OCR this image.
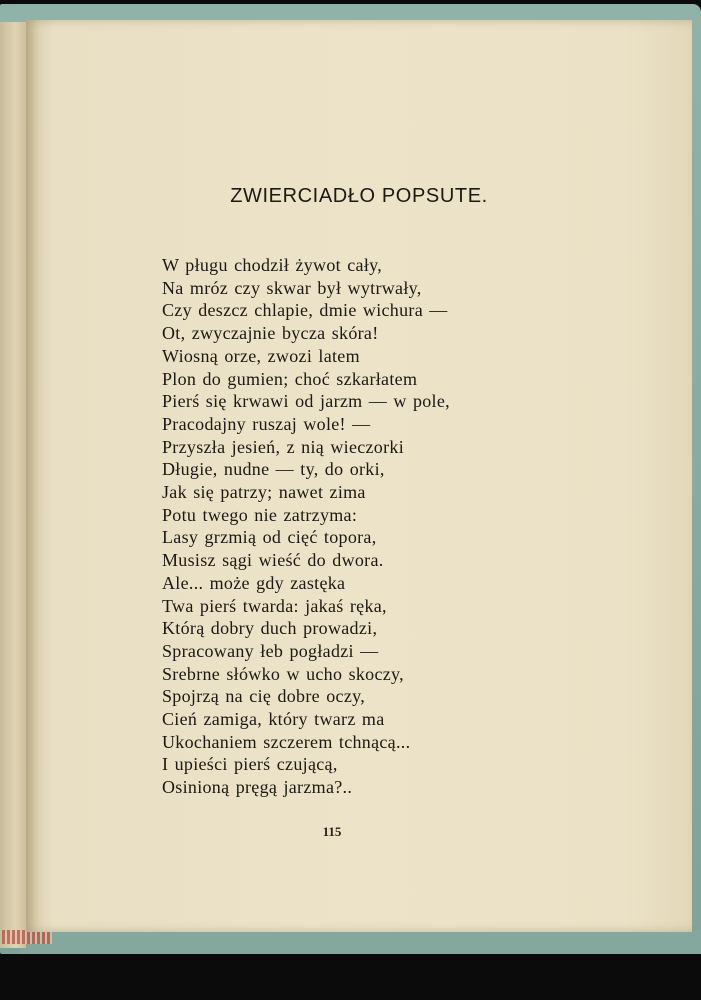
ZWIERCIADŁO POPSUTE.
W pługu chodził żywot cały,
Na mróz czy skwar był wytrwały,
Czy deszcz chlapie, dmie wichura —
Ot, zwyczajnie bycza skóra!
Wiosną orze, zwozi latem
Plon do gumien; choć szkarłatem
Pierś się krwawi od jarzm — w pole,
Pracodajny ruszaj wole! —
Przyszła jesień, z nią wieczorki
Długie, nudne — ty, do orki,
Jak się patrzy; nawet zima
Potu twego nie zatrzyma:
Lasy grzmią od cięć topora,
Musisz sągi wieść do dwora.
Ale... może gdy zastęka
Twa pierś twarda: jakaś ręka,
Którą dobry duch prowadzi,
Spracowany łeb pogładzi —
Srebrne słówko w ucho skoczy,
Spojrzą na cię dobre oczy,
Cień zamiga, który twarz ma
Ukochaniem szczerem tchnącą...
I upieści pierś czującą,
Osinioną pręgą jarzma?..
115
